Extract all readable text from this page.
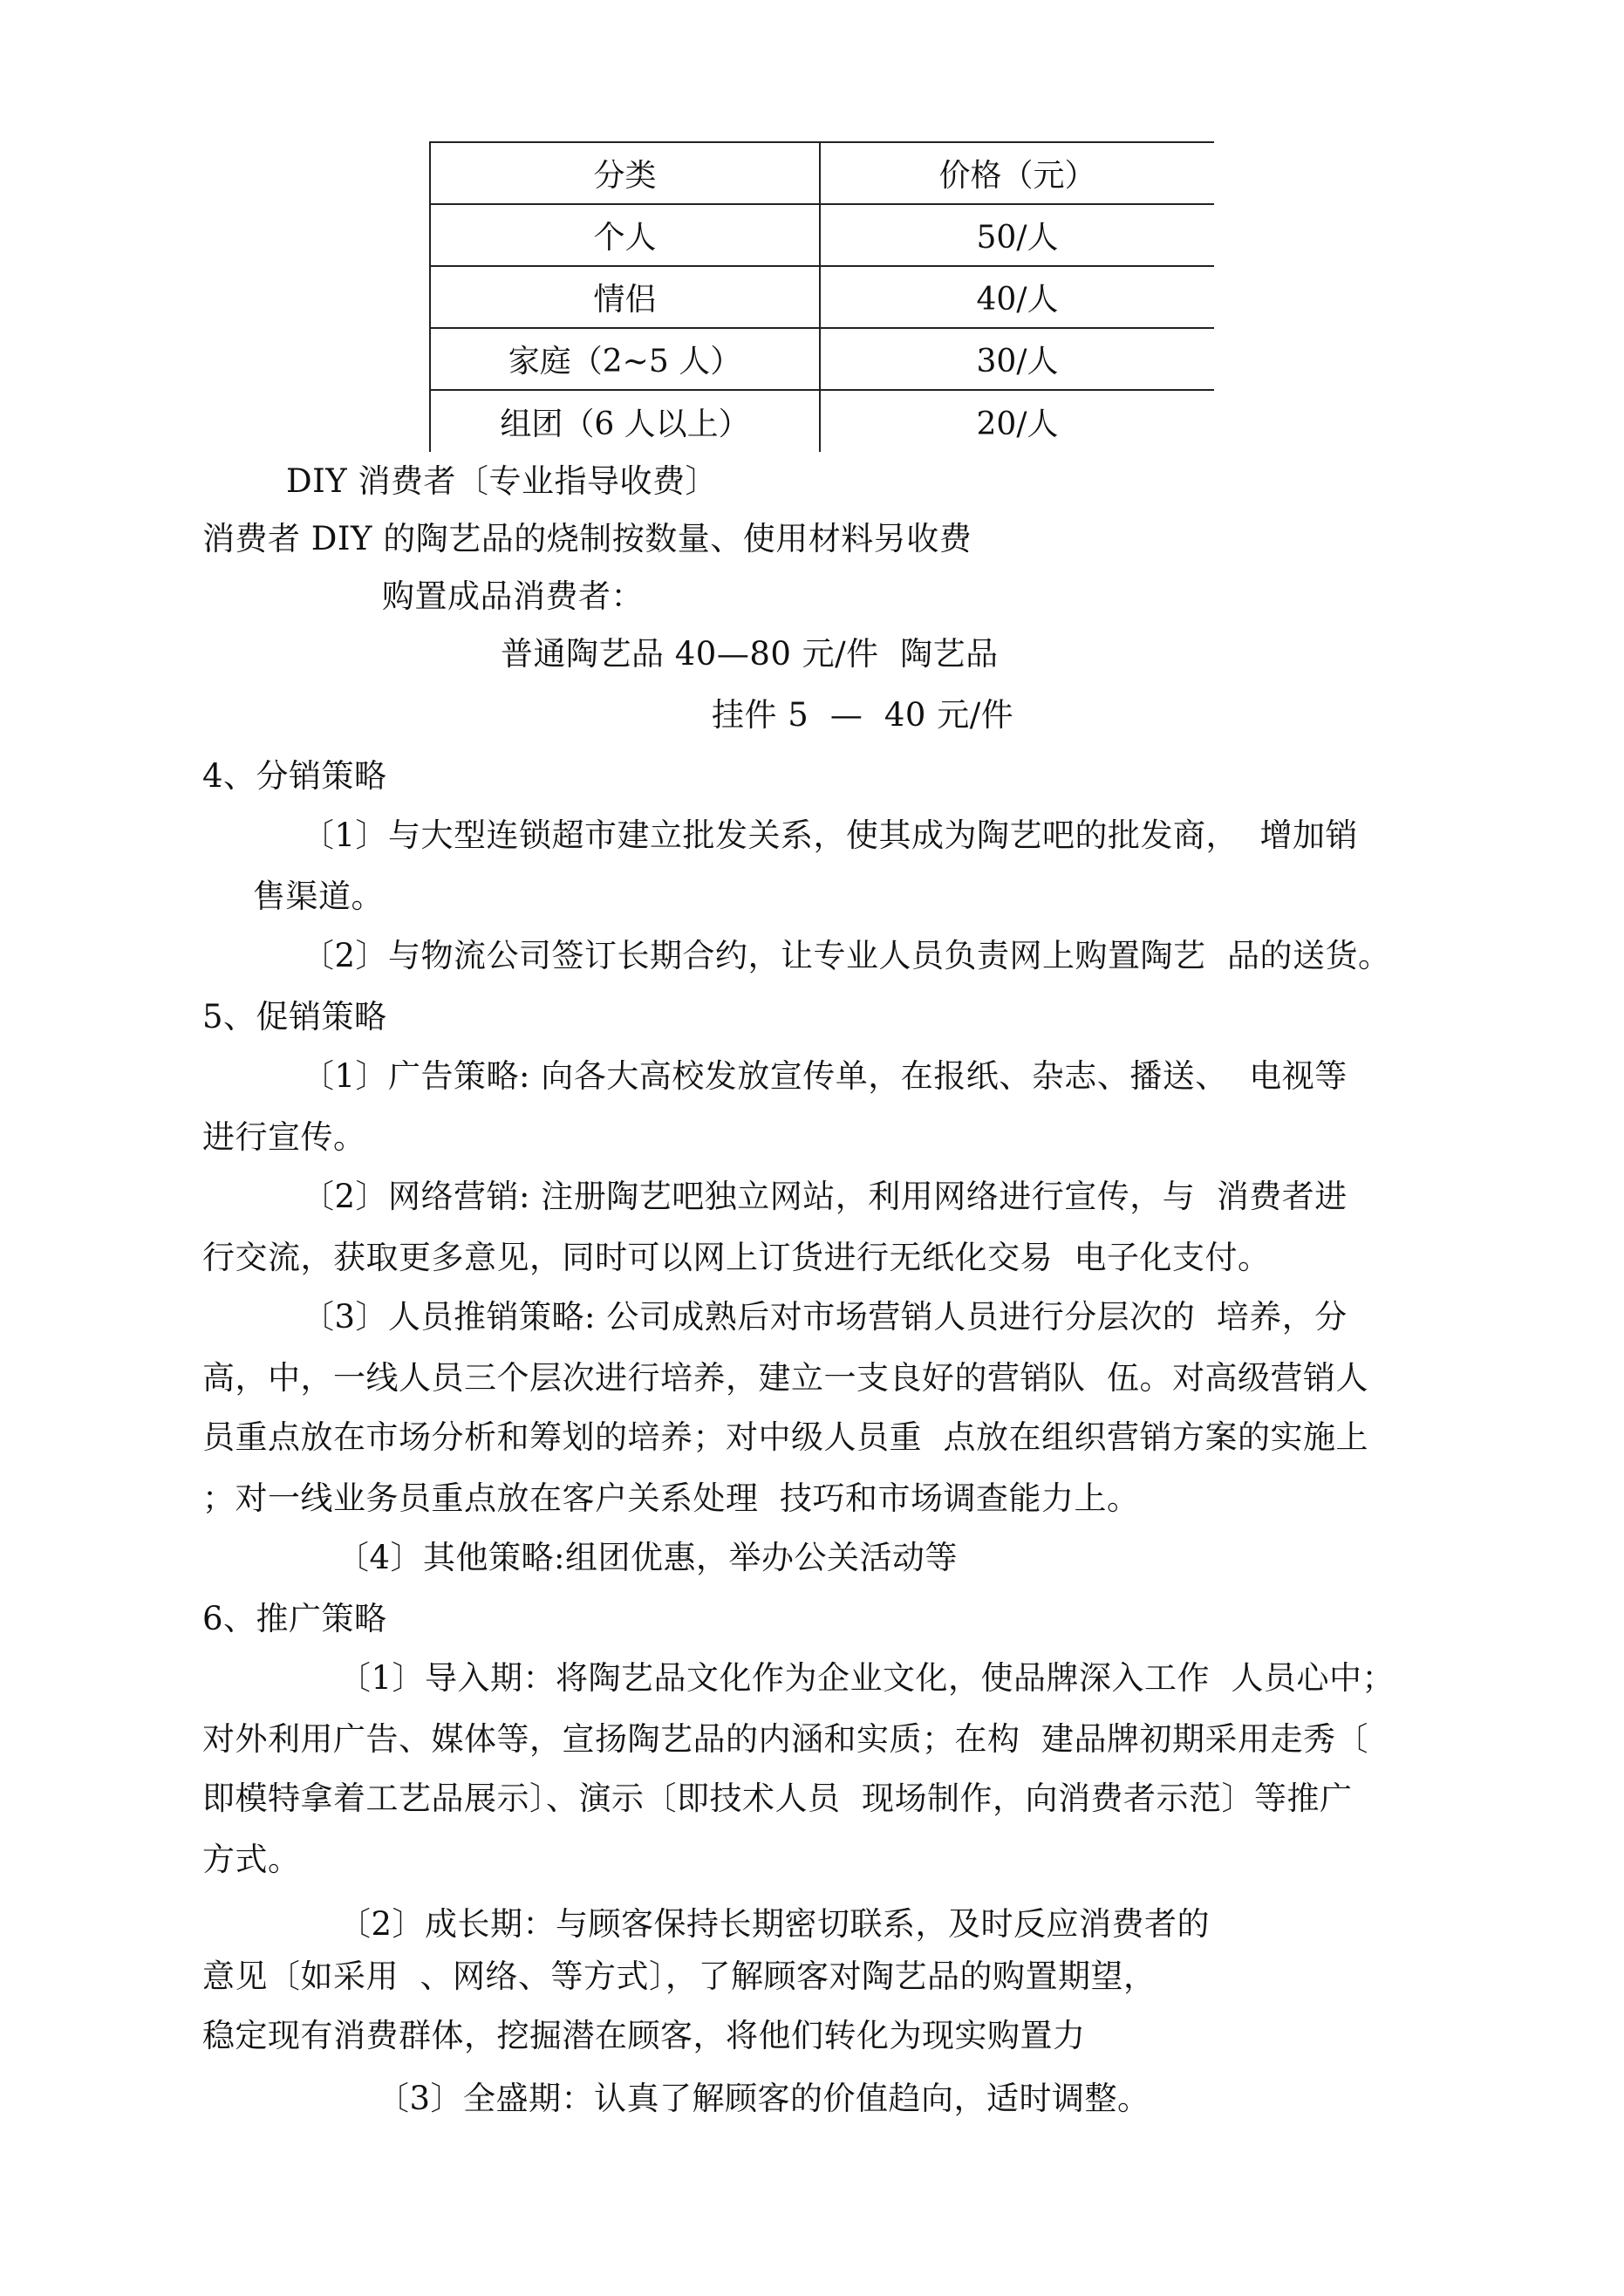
分类	价格（元）
个人	50/人
情侣	40/人
家庭（2~5 人）	30/人
组团（6 人以上）	20/人
DIY 消费者〔专业指导收费〕
消费者 DIY 的陶艺品的烧制按数量、使用材料另收费
购置成品消费者：
普通陶艺品 40—80 元/件  陶艺品
挂件 5  —  40 元/件
4、分销策略
〔1〕与大型连锁超市建立批发关系，使其成为陶艺吧的批发商，  增加销
售渠道。
〔2〕与物流公司签订长期合约，让专业人员负责网上购置陶艺  品的送货。
5、促销策略
〔1〕广告策略: 向各大高校发放宣传单，在报纸、杂志、播送、  电视等
进行宣传。
〔2〕网络营销: 注册陶艺吧独立网站，利用网络进行宣传，与  消费者进
行交流，获取更多意见，同时可以网上订货进行无纸化交易  电子化支付。
〔3〕人员推销策略: 公司成熟后对市场营销人员进行分层次的  培养，分
高，中，一线人员三个层次进行培养，建立一支良好的营销队  伍。对高级营销人
员重点放在市场分析和筹划的培养；对中级人员重  点放在组织营销方案的实施上
；对一线业务员重点放在客户关系处理  技巧和市场调查能力上。
〔4〕其他策略:组团优惠，举办公关活动等
6、推广策略
〔1〕导入期：将陶艺品文化作为企业文化，使品牌深入工作  人员心中；
对外利用广告、媒体等，宣扬陶艺品的内涵和实质；在构  建品牌初期采用走秀〔
即模特拿着工艺品展示〕、演示〔即技术人员  现场制作，向消费者示范〕等推广
方式。
〔2〕成长期：与顾客保持长期密切联系，及时反应消费者的
意见〔如采用  、网络、等方式〕，了解顾客对陶艺品的购置期望，
稳定现有消费群体，挖掘潜在顾客，将他们转化为现实购置力
〔3〕全盛期：认真了解顾客的价值趋向，适时调整。
